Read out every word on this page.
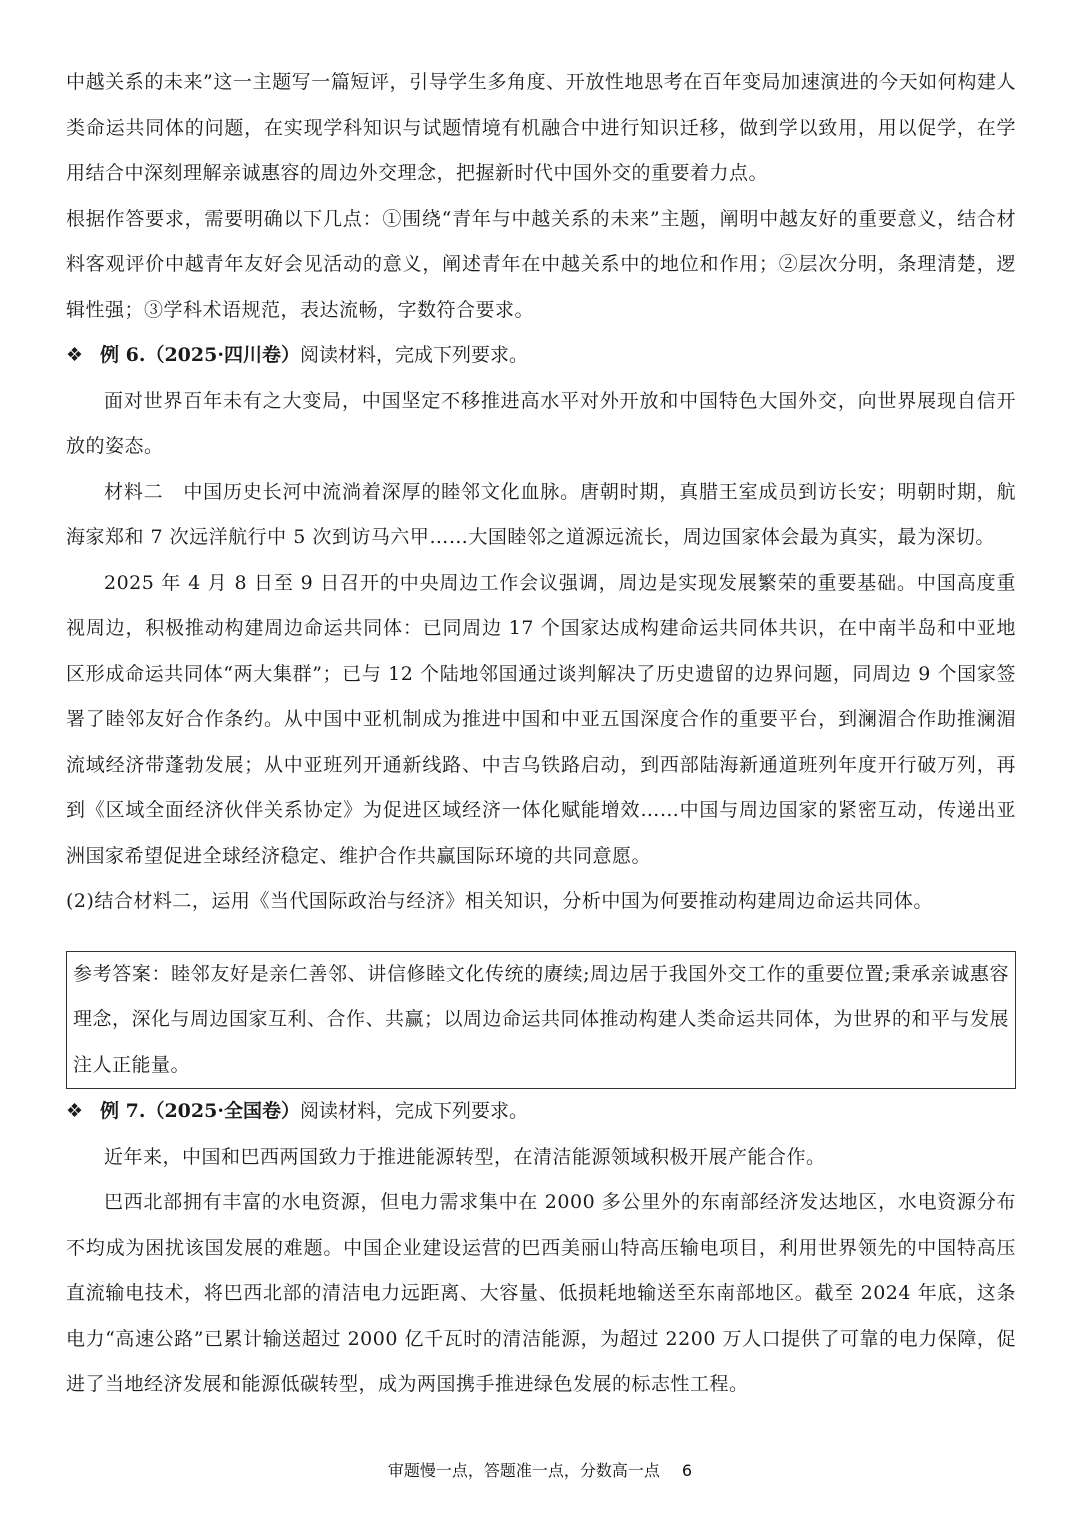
中越关系的未来”这一主题写一篇短评，引导学生多角度、开放性地思考在百年变局加速演进的今天如何构建人类命运共同体的问题，在实现学科知识与试题情境有机融合中进行知识迁移，做到学以致用，用以促学，在学用结合中深刻理解亲诚惠容的周边外交理念，把握新时代中国外交的重要着力点。

根据作答要求，需要明确以下几点：①围绕“青年与中越关系的未来”主题，阐明中越友好的重要意义，结合材料客观评价中越青年友好会见活动的意义，阐述青年在中越关系中的地位和作用；②层次分明，条理清楚，逻辑性强；③学科术语规范，表达流畅，字数符合要求。

❖ 例 6.（2025·四川卷）阅读材料，完成下列要求。

面对世界百年未有之大变局，中国坚定不移推进高水平对外开放和中国特色大国外交，向世界展现自信开放的姿态。

材料二　中国历史长河中流淌着深厚的睦邻文化血脉。唐朝时期，真腊王室成员到访长安；明朝时期，航海家郑和 7 次远洋航行中 5 次到访马六甲……大国睦邻之道源远流长，周边国家体会最为真实，最为深切。

2025 年 4 月 8 日至 9 日召开的中央周边工作会议强调，周边是实现发展繁荣的重要基础。中国高度重视周边，积极推动构建周边命运共同体：已同周边 17 个国家达成构建命运共同体共识，在中南半岛和中亚地区形成命运共同体“两大集群”；已与 12 个陆地邻国通过谈判解决了历史遗留的边界问题，同周边 9 个国家签署了睦邻友好合作条约。从中国中亚机制成为推进中国和中亚五国深度合作的重要平台，到澜湄合作助推澜湄流域经济带蓬勃发展；从中亚班列开通新线路、中吉乌铁路启动，到西部陆海新通道班列年度开行破万列，再到《区域全面经济伙伴关系协定》为促进区域经济一体化赋能增效……中国与周边国家的紧密互动，传递出亚洲国家希望促进全球经济稳定、维护合作共赢国际环境的共同意愿。

(2)结合材料二，运用《当代国际政治与经济》相关知识，分析中国为何要推动构建周边命运共同体。

参考答案：睦邻友好是亲仁善邻、讲信修睦文化传统的赓续;周边居于我国外交工作的重要位置;秉承亲诚惠容理念，深化与周边国家互利、合作、共赢；以周边命运共同体推动构建人类命运共同体，为世界的和平与发展注人正能量。

❖ 例 7.（2025·全国卷）阅读材料，完成下列要求。

近年来，中国和巴西两国致力于推进能源转型，在清洁能源领域积极开展产能合作。

巴西北部拥有丰富的水电资源，但电力需求集中在 2000 多公里外的东南部经济发达地区，水电资源分布不均成为困扰该国发展的难题。中国企业建设运营的巴西美丽山特高压输电项目，利用世界领先的中国特高压直流输电技术，将巴西北部的清洁电力远距离、大容量、低损耗地输送至东南部地区。截至 2024 年底，这条电力“高速公路”已累计输送超过 2000 亿千瓦时的清洁能源，为超过 2200 万人口提供了可靠的电力保障，促进了当地经济发展和能源低碳转型，成为两国携手推进绿色发展的标志性工程。

审题慢一点，答题准一点，分数高一点 6
